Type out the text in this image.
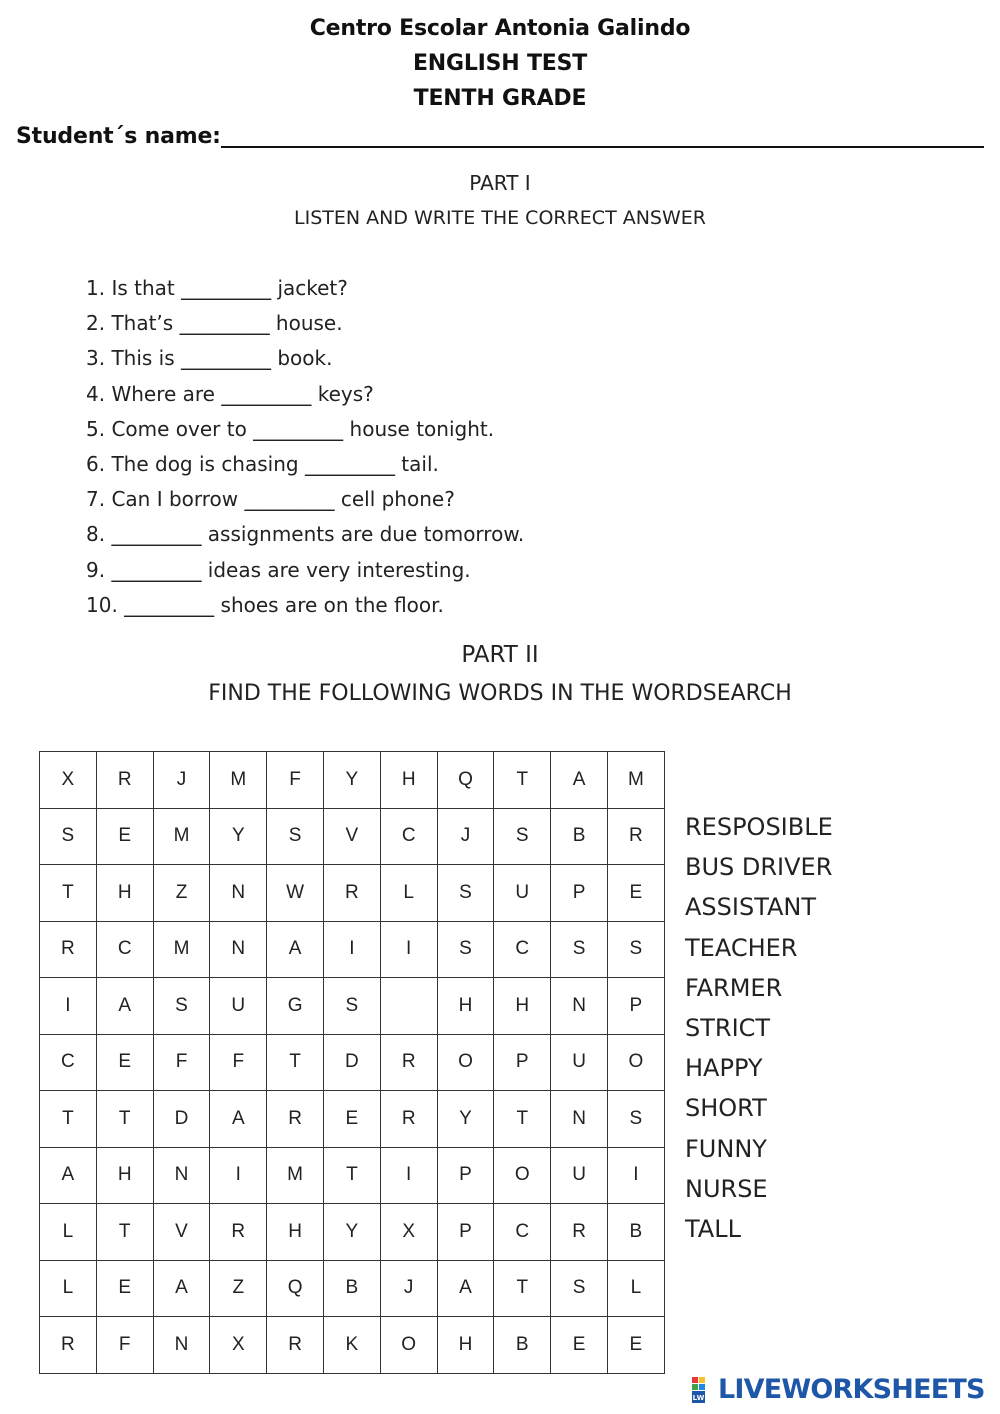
Centro Escolar Antonia Galindo
ENGLISH TEST
TENTH GRADE
Student´s name:
PART I
LISTEN AND WRITE THE CORRECT ANSWER
1. Is that _________ jacket?
2. That’s _________ house.
3. This is _________ book.
4. Where are _________ keys?
5. Come over to _________ house tonight.
6. The dog is chasing _________ tail.
7. Can I borrow _________ cell phone?
8. _________ assignments are due tomorrow.
9. _________ ideas are very interesting.
10. _________ shoes are on the floor.
PART II
FIND THE FOLLOWING WORDS IN THE WORDSEARCH
X	R	J	M	F	Y	H	Q	T	A	M
S	E	M	Y	S	V	C	J	S	B	R
T	H	Z	N	W	R	L	S	U	P	E
R	C	M	N	A	I	I	S	C	S	S
I	A	S	U	G	S		H	H	N	P
C	E	F	F	T	D	R	O	P	U	O
T	T	D	A	R	E	R	Y	T	N	S
A	H	N	I	M	T	I	P	O	U	I
L	T	V	R	H	Y	X	P	C	R	B
L	E	A	Z	Q	B	J	A	T	S	L
R	F	N	X	R	K	O	H	B	E	E
RESPOSIBLE
BUS DRIVER
ASSISTANT
TEACHER
FARMER
STRICT
HAPPY
SHORT
FUNNY
NURSE
TALL
LW LIVEWORKSHEETS
